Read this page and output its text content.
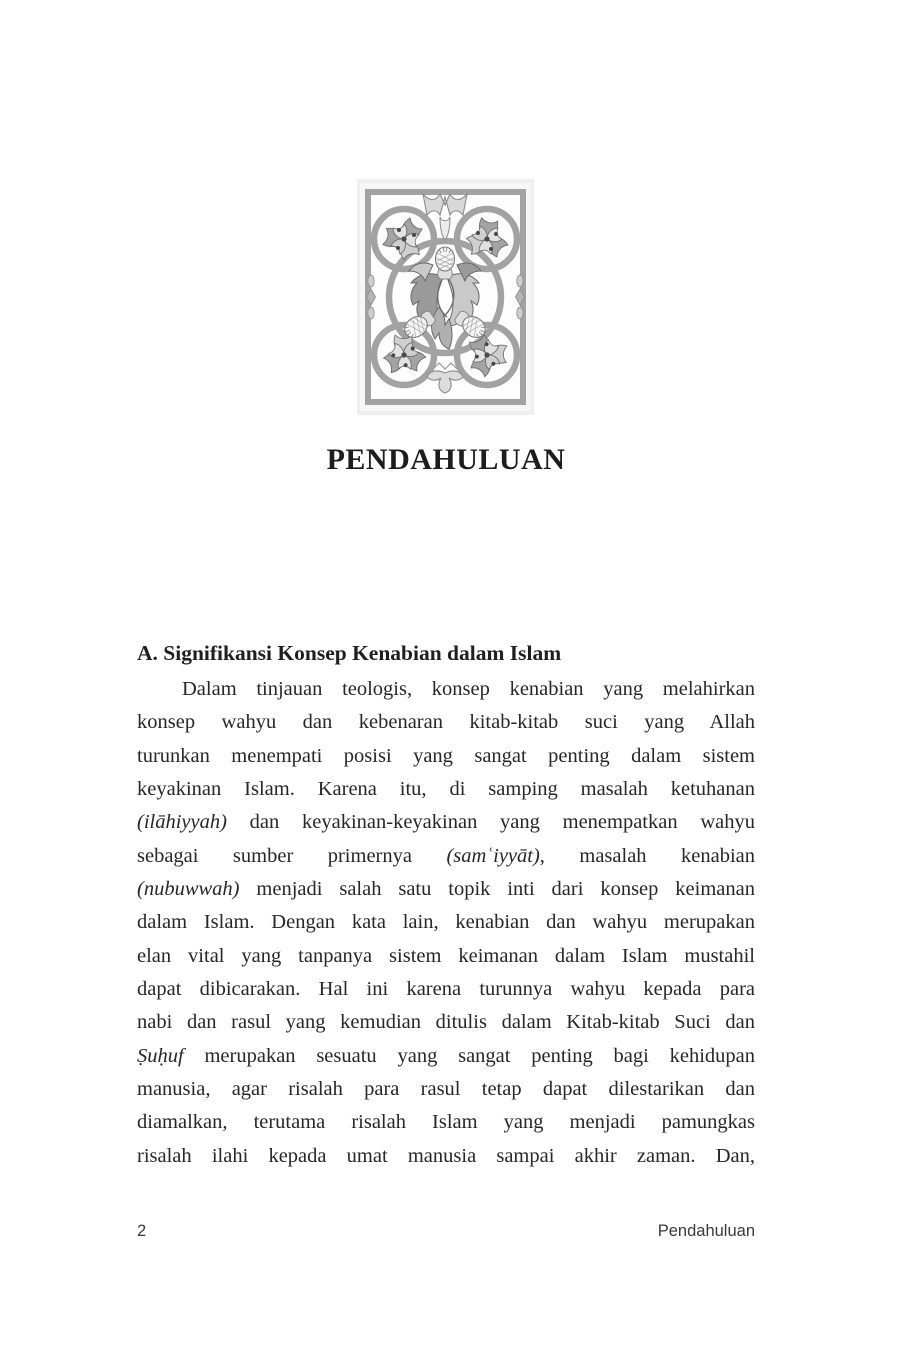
PENDAHULUAN
A. Signifikansi Konsep Kenabian dalam Islam
Dalam tinjauan teologis, konsep kenabian yang melahirkan
konsep wahyu dan kebenaran kitab-kitab suci yang Allah
turunkan menempati posisi yang sangat penting dalam sistem
keyakinan Islam. Karena itu, di samping masalah ketuhanan
(ilāhiyyah) dan keyakinan-keyakinan yang menempatkan wahyu
sebagai sumber primernya (samʿiyyāt), masalah kenabian
(nubuwwah) menjadi salah satu topik inti dari konsep keimanan
dalam Islam. Dengan kata lain, kenabian dan wahyu merupakan
elan vital yang tanpanya sistem keimanan dalam Islam mustahil
dapat dibicarakan. Hal ini karena turunnya wahyu kepada para
nabi dan rasul yang kemudian ditulis dalam Kitab-kitab Suci dan
Ṣuḥuf merupakan sesuatu yang sangat penting bagi kehidupan
manusia, agar risalah para rasul tetap dapat dilestarikan dan
diamalkan, terutama risalah Islam yang menjadi pamungkas
risalah ilahi kepada umat manusia sampai akhir zaman. Dan,
2	Pendahuluan
